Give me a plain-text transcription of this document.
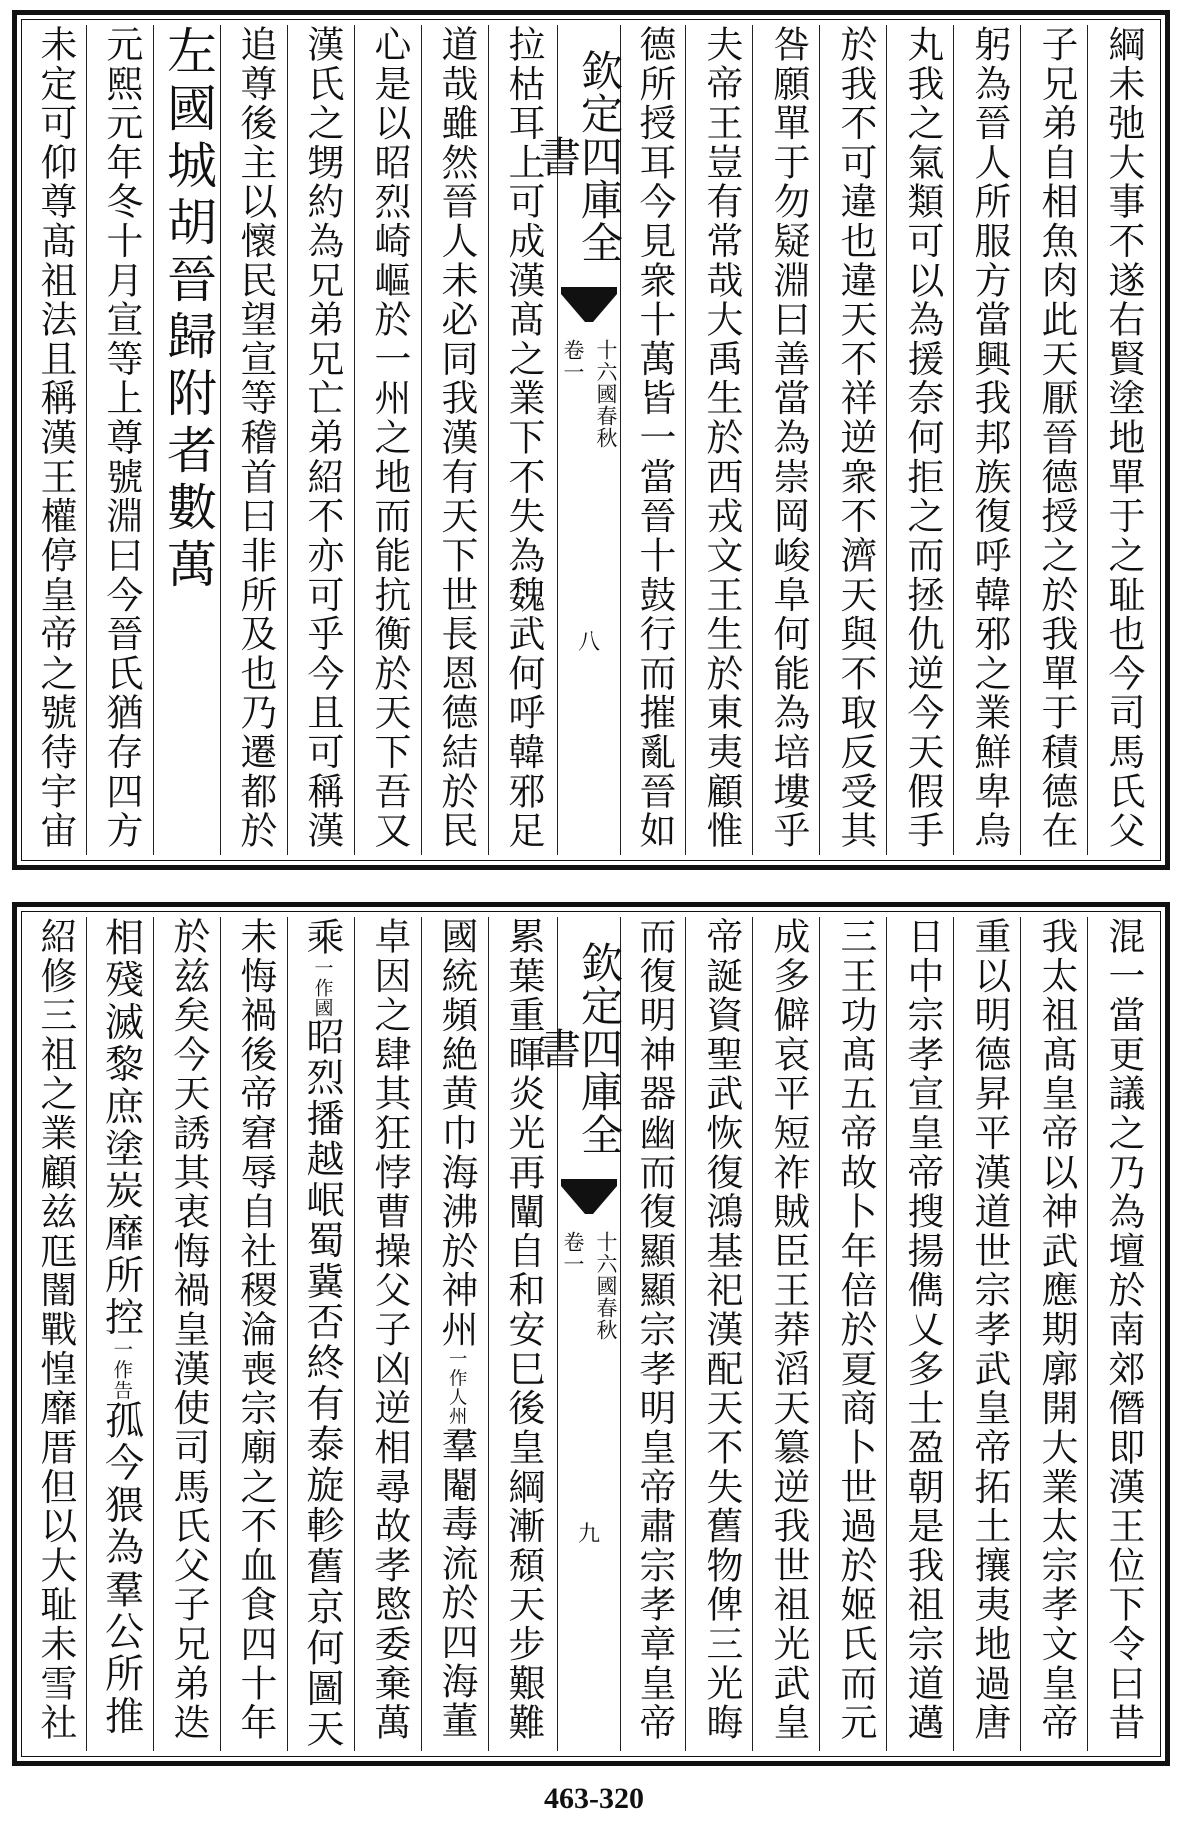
綱未弛大事不遂右賢塗地單于之耻也今司馬氏父
子兄弟自相魚肉此天厭晉德授之於我單于積德在
躬為晉人所服方當興我邦族復呼韓邪之業鮮卑烏
丸我之氣類可以為援奈何拒之而拯仇逆今天假手
於我不可違也違天不祥逆衆不濟天與不取反受其
咎願單于勿疑淵曰善當為崇岡峻阜何能為培塿乎
夫帝王豈有常哉大禹生於西戎文王生於東夷顧惟
德所授耳今見衆十萬皆一當晉十鼓行而摧亂晉如
欽定四庫全書
卷一 十六國春秋
八
拉枯耳上可成漢髙之業下不失為魏武何呼韓邪足
道哉雖然晉人未必同我漢有天下世長恩德結於民
心是以昭烈崎嶇於一州之地而能抗衡於天下吾又
漢氏之甥約為兄弟兄亡弟紹不亦可乎今且可稱漢
追尊後主以懷民望宣等稽首曰非所及也乃遷都於
左國城胡晉歸附者數萬
元熙元年冬十月宣等上尊號淵曰今晉氏猶存四方
未定可仰尊髙祖法且稱漢王權停皇帝之號待宇宙
混一當更議之乃為壇於南郊僭即漢王位下令曰昔
我太祖髙皇帝以神武應期廓開大業太宗孝文皇帝
重以明德昇平漢道世宗孝武皇帝拓土攘夷地過唐
日中宗孝宣皇帝搜揚儁乂多士盈朝是我祖宗道邁
三王功髙五帝故卜年倍於夏商卜世過於姬氏而元
成多僻哀平短祚賊臣王莽滔天簒逆我世祖光武皇
帝誕資聖武恢復鴻基祀漢配天不失舊物俾三光晦
而復明神器幽而復顯顯宗孝明皇帝肅宗孝章皇帝
欽定四庫全書
卷一 十六國春秋
九
累葉重暉炎光再闡自和安巳後皇綱漸頹天步艱難
國統頻絶黄巾海沸於神州
一作人州
羣閹毒流於四海董
卓因之肆其狂悖曹操父子凶逆相尋故孝愍委棄萬
乘
一作國
昭烈播越岷蜀冀否終有泰旋軫舊京何圖天
未悔禍後帝窘辱自社稷淪喪宗廟之不血食四十年
於兹矣今天誘其衷悔禍皇漢使司馬氏父子兄弟迭
相殘滅黎庶塗炭靡所控
一作告
孤今猥為羣公所推
紹修三祖之業顧兹尫闇戰惶靡厝但以大耻未雪社
463-320
